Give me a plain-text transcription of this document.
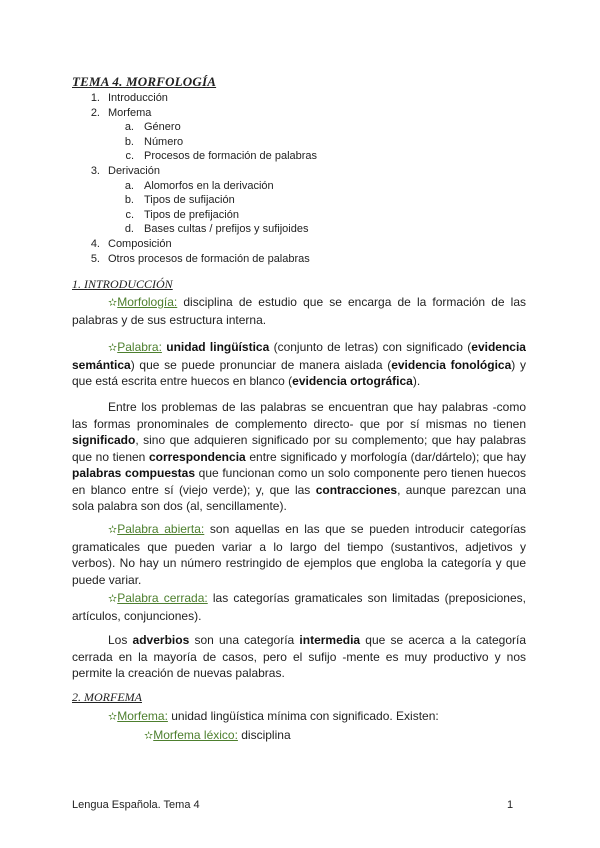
TEMA 4. MORFOLOGÍA
1. Introducción
2. Morfema
a. Género
b. Número
c. Procesos de formación de palabras
3. Derivación
a. Alomorfos en la derivación
b. Tipos de sufijación
c. Tipos de prefijación
d. Bases cultas / prefijos y sufijoides
4. Composición
5. Otros procesos de formación de palabras
1. INTRODUCCIÓN
✫Morfología: disciplina de estudio que se encarga de la formación de las palabras y de sus estructura interna.
✫Palabra: unidad lingüística (conjunto de letras) con significado (evidencia semántica) que se puede pronunciar de manera aislada (evidencia fonológica) y que está escrita entre huecos en blanco (evidencia ortográfica).
Entre los problemas de las palabras se encuentran que hay palabras -como las formas pronominales de complemento directo- que por sí mismas no tienen significado, sino que adquieren significado por su complemento; que hay palabras que no tienen correspondencia entre significado y morfología (dar/dártelo); que hay palabras compuestas que funcionan como un solo componente pero tienen huecos en blanco entre sí (viejo verde); y, que las contracciones, aunque parezcan una sola palabra son dos (al, sencillamente).
✫Palabra abierta: son aquellas en las que se pueden introducir categorías gramaticales que pueden variar a lo largo del tiempo (sustantivos, adjetivos y verbos). No hay un número restringido de ejemplos que engloba la categoría y que puede variar.
✫Palabra cerrada: las categorías gramaticales son limitadas (preposiciones, artículos, conjunciones).
Los adverbios son una categoría intermedia que se acerca a la categoría cerrada en la mayoría de casos, pero el sufijo -mente es muy productivo y nos permite la creación de nuevas palabras.
2. MORFEMA
✫Morfema: unidad lingüística mínima con significado. Existen:
✫Morfema léxico: disciplina
Lengua Española. Tema 4	1
